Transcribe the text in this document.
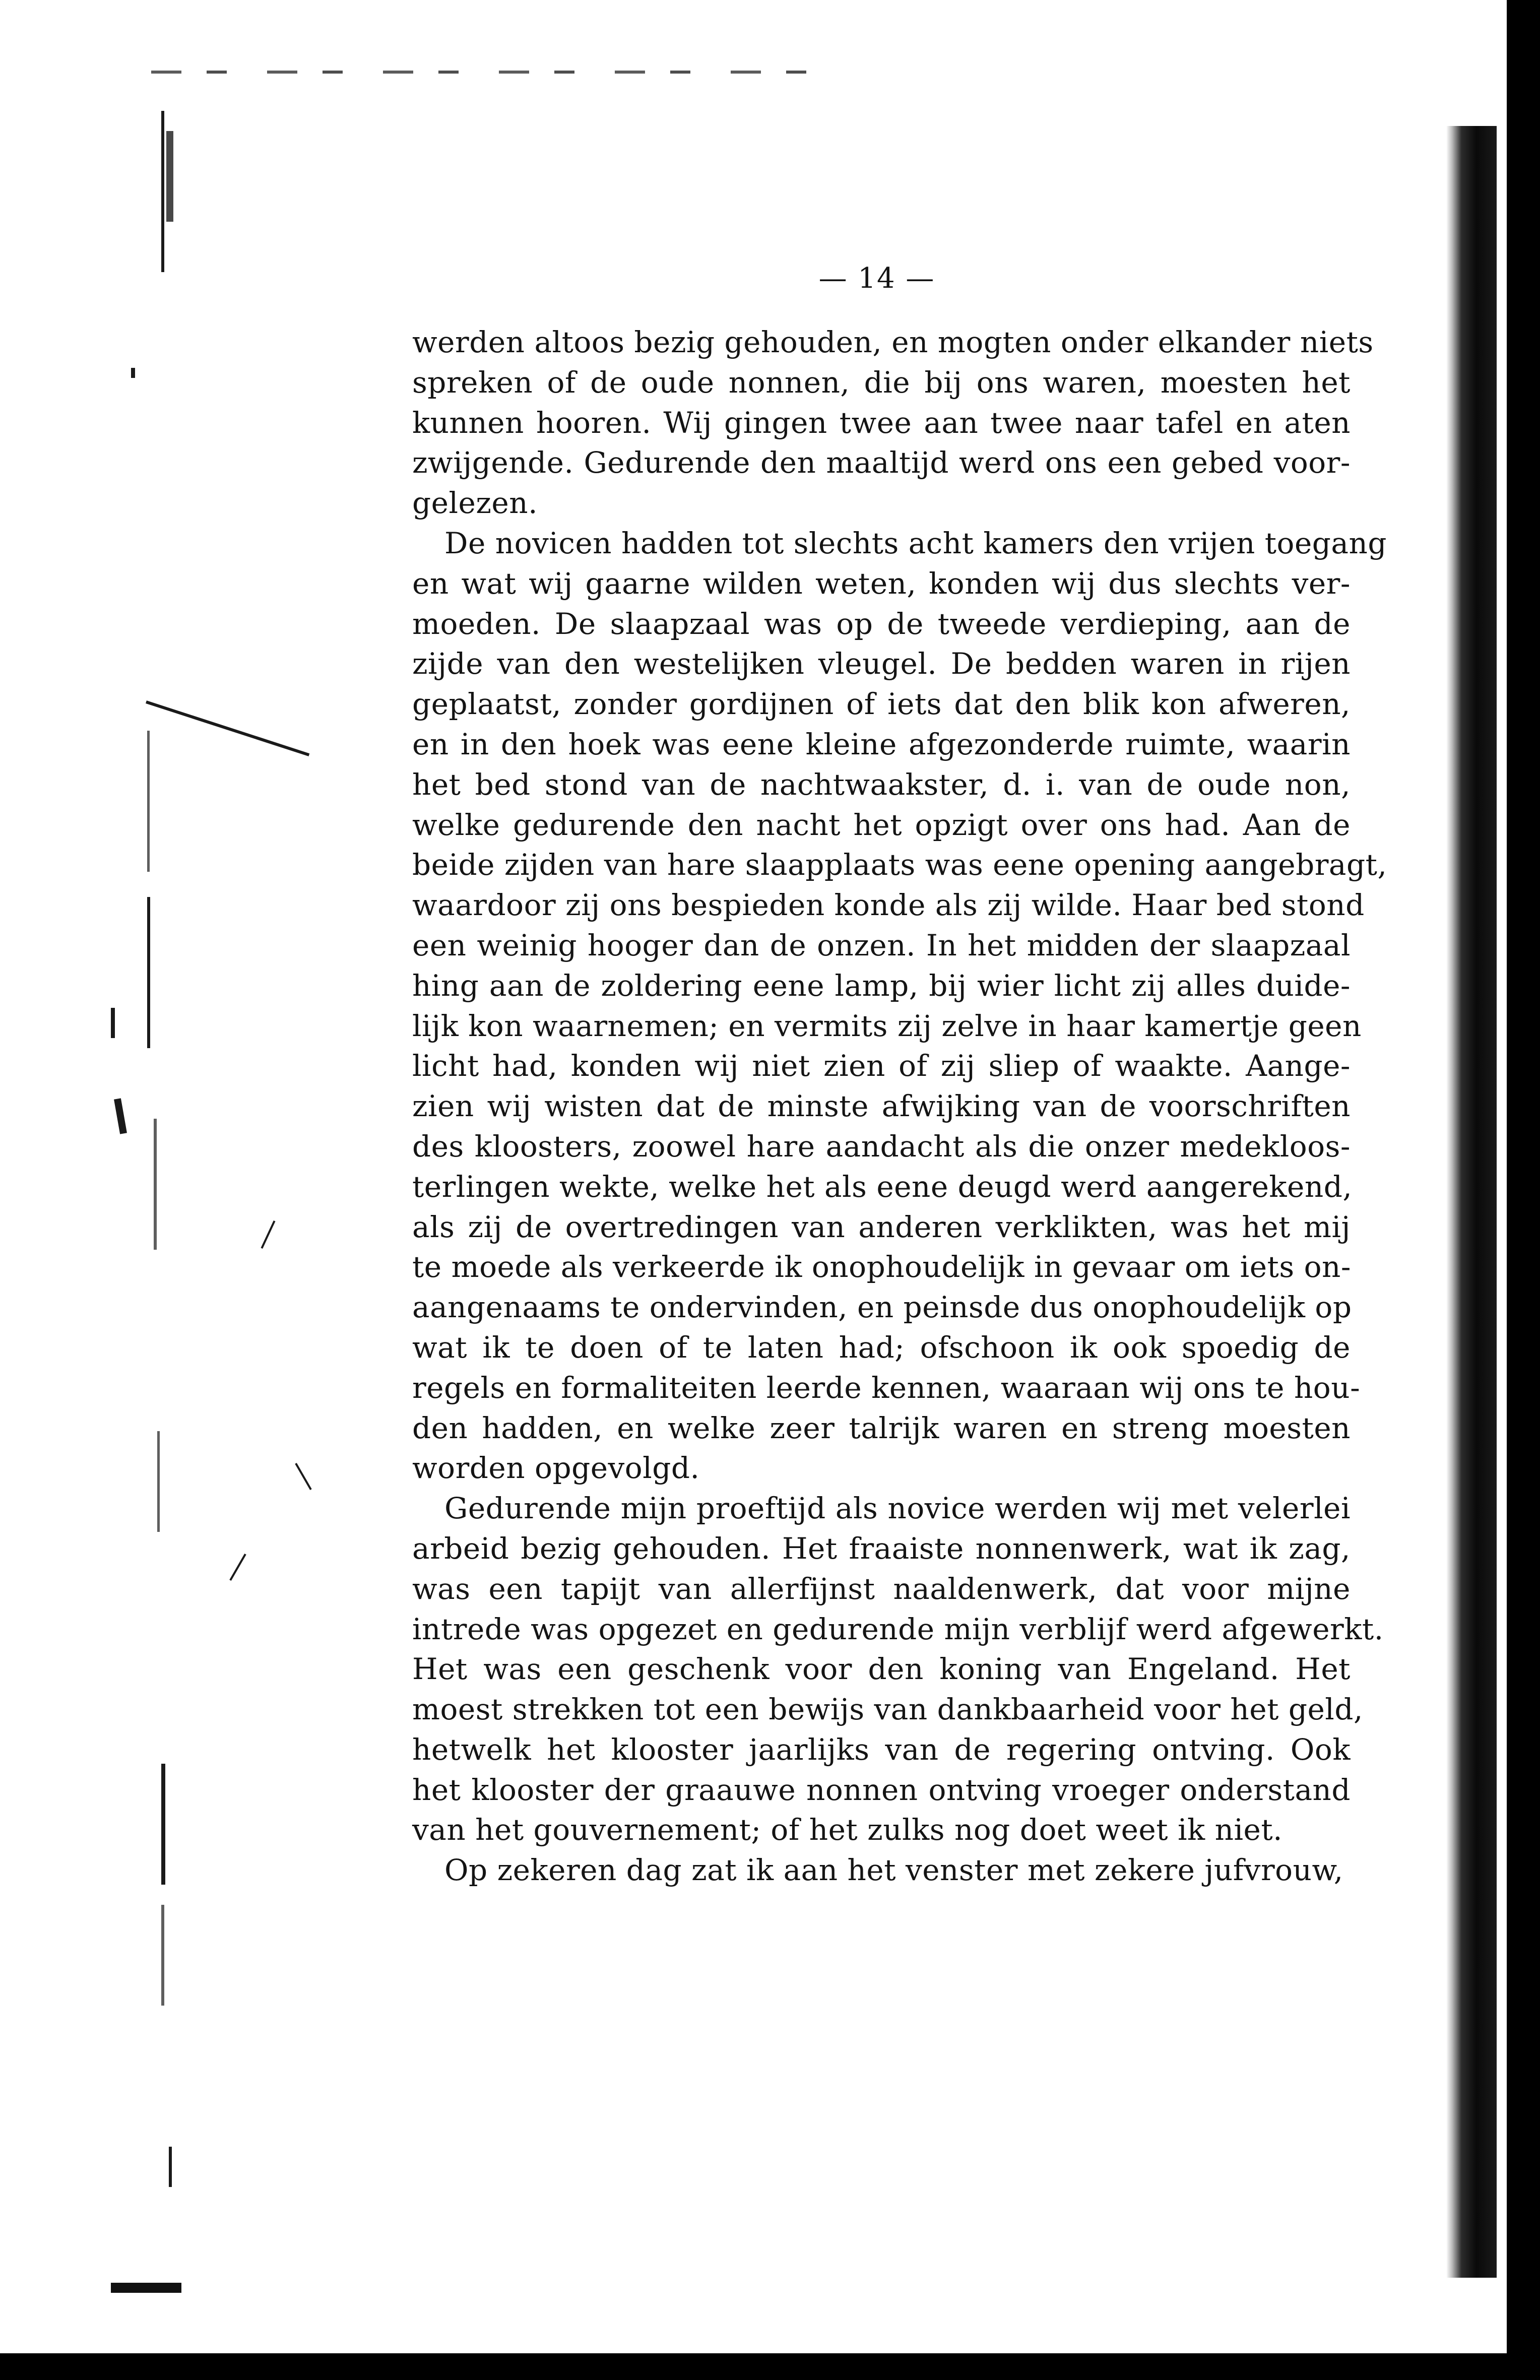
— 14 —
werden altoos bezig gehouden, en mogten onder elkander niets
spreken of de oude nonnen, die bij ons waren, moesten het
kunnen hooren. Wij gingen twee aan twee naar tafel en aten
zwijgende. Gedurende den maaltijd werd ons een gebed voor-
gelezen.
De novicen hadden tot slechts acht kamers den vrijen toegang
en wat wij gaarne wilden weten, konden wij dus slechts ver-
moeden. De slaapzaal was op de tweede verdieping, aan de
zijde van den westelijken vleugel. De bedden waren in rijen
geplaatst, zonder gordijnen of iets dat den blik kon afweren,
en in den hoek was eene kleine afgezonderde ruimte, waarin
het bed stond van de nachtwaakster, d. i. van de oude non,
welke gedurende den nacht het opzigt over ons had. Aan de
beide zijden van hare slaapplaats was eene opening aangebragt,
waardoor zij ons bespieden konde als zij wilde. Haar bed stond
een weinig hooger dan de onzen. In het midden der slaapzaal
hing aan de zoldering eene lamp, bij wier licht zij alles duide-
lijk kon waarnemen; en vermits zij zelve in haar kamertje geen
licht had, konden wij niet zien of zij sliep of waakte. Aange-
zien wij wisten dat de minste afwijking van de voorschriften
des kloosters, zoowel hare aandacht als die onzer medekloos-
terlingen wekte, welke het als eene deugd werd aangerekend,
als zij de overtredingen van anderen verklikten, was het mij
te moede als verkeerde ik onophoudelijk in gevaar om iets on-
aangenaams te ondervinden, en peinsde dus onophoudelijk op
wat ik te doen of te laten had; ofschoon ik ook spoedig de
regels en formaliteiten leerde kennen, waaraan wij ons te hou-
den hadden, en welke zeer talrijk waren en streng moesten
worden opgevolgd.
Gedurende mijn proeftijd als novice werden wij met velerlei
arbeid bezig gehouden. Het fraaiste nonnenwerk, wat ik zag,
was een tapijt van allerfijnst naaldenwerk, dat voor mijne
intrede was opgezet en gedurende mijn verblijf werd afgewerkt.
Het was een geschenk voor den koning van Engeland. Het
moest strekken tot een bewijs van dankbaarheid voor het geld,
hetwelk het klooster jaarlijks van de regering ontving. Ook
het klooster der graauwe nonnen ontving vroeger onderstand
van het gouvernement; of het zulks nog doet weet ik niet.
Op zekeren dag zat ik aan het venster met zekere jufvrouw,
